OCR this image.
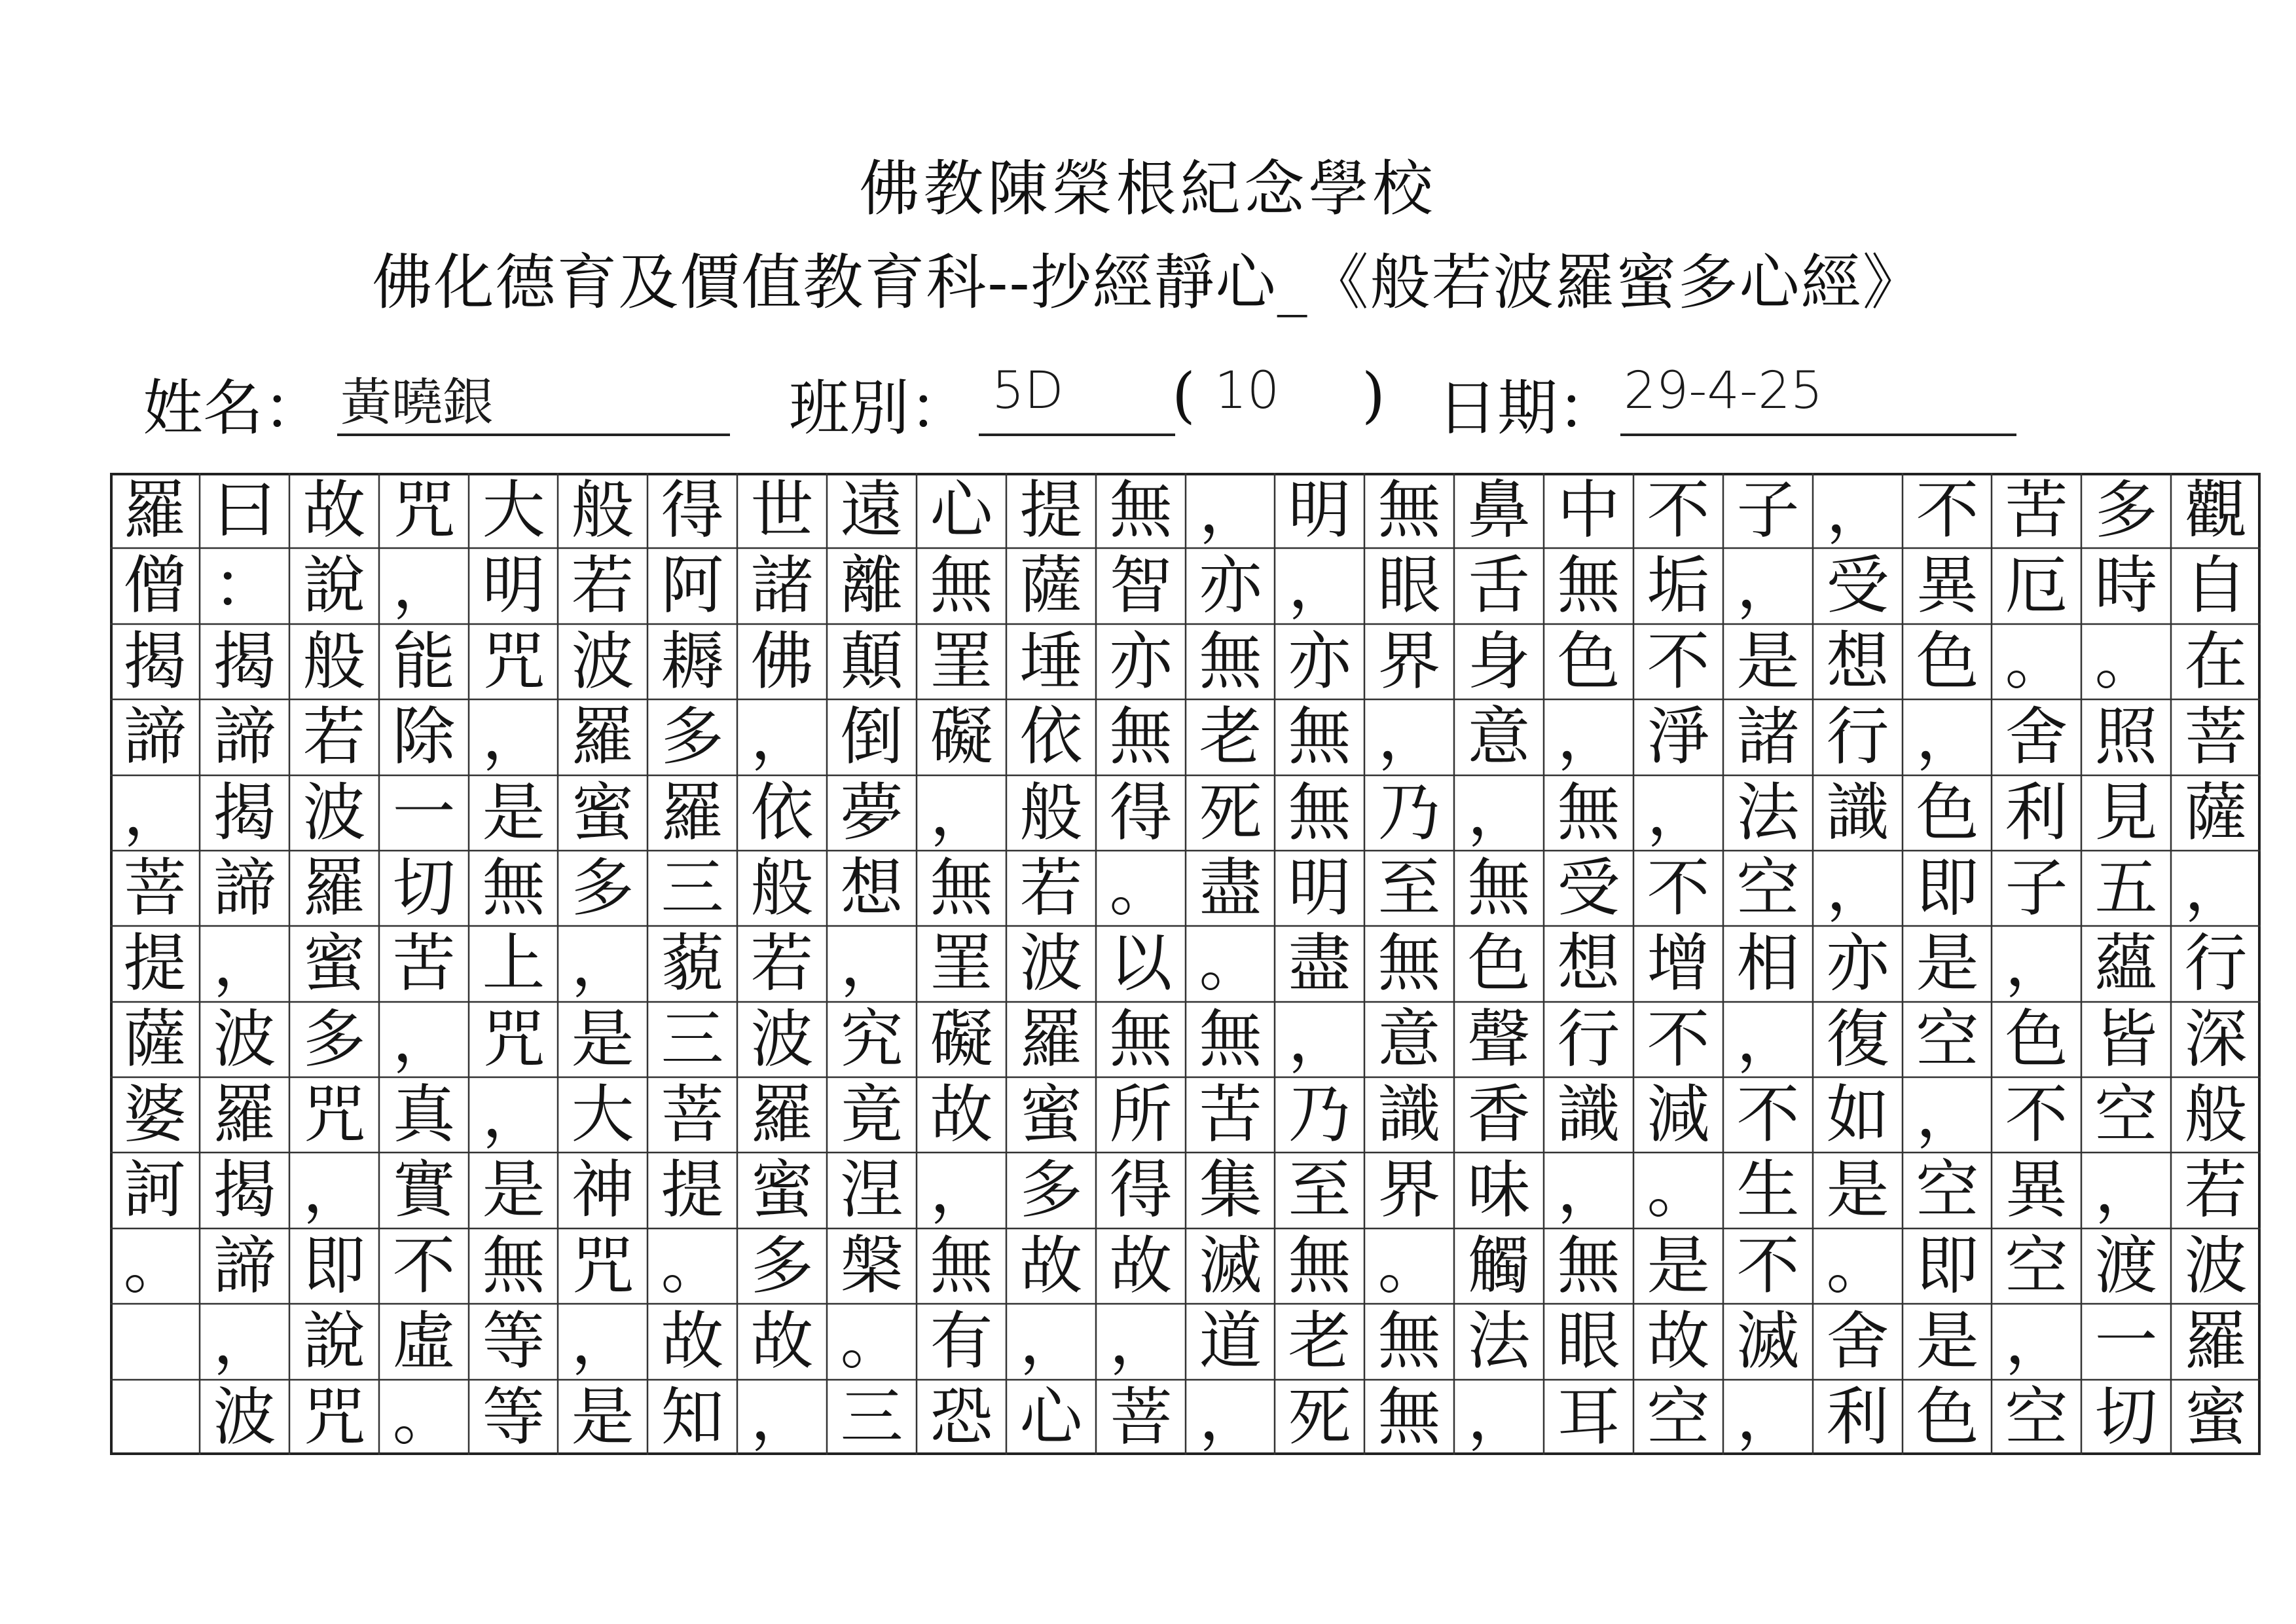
佛教陳榮根紀念學校
佛化德育及價值教育科--抄經靜心_《般若波羅蜜多心經》
姓名： 黃曉銀	班別： 5D ( 10 ) 日期： 29-4-25
觀
自
在
菩
薩
，
行
深
般
若
波
羅
蜜
多
時
。
照
見
五
蘊
皆
空
，
渡
一
切
苦
厄
。
舍
利
子
，
色
不
異
空
，
空
不
異
色
，
色
即
是
空
，
空
即
是
色
，
受
想
行
識
，
亦
復
如
是
。
舍
利
子
，
是
諸
法
空
相
，
不
生
不
滅
，
不
垢
不
淨
，
不
增
不
減
。
是
故
空
中
無
色
，
無
受
想
行
識
，
無
眼
耳
鼻
舌
身
意
，
無
色
聲
香
味
觸
法
，
無
眼
界
，
乃
至
無
意
識
界
。
無
無
明
，
亦
無
無
明
盡
，
乃
至
無
老
死
，
亦
無
老
死
盡
。
無
苦
集
滅
道
，
無
智
亦
無
得
。
以
無
所
得
故
，
菩
提
薩
埵
依
般
若
波
羅
蜜
多
故
，
心
心
無
罣
礙
，
無
罣
礙
故
，
無
有
恐
遠
離
顛
倒
夢
想
，
究
竟
涅
槃
。
三
世
諸
佛
，
依
般
若
波
羅
蜜
多
故
，
得
阿
耨
多
羅
三
藐
三
菩
提
。
故
知
般
若
波
羅
蜜
多
，
是
大
神
咒
，
是
大
明
咒
，
是
無
上
咒
，
是
無
等
等
咒
，
能
除
一
切
苦
，
真
實
不
虛
。
故
說
般
若
波
羅
蜜
多
咒
，
即
說
咒
曰
：
揭
諦
揭
諦
，
波
羅
揭
諦
，
波
羅
僧
揭
諦
，
菩
提
薩
婆
訶
。
